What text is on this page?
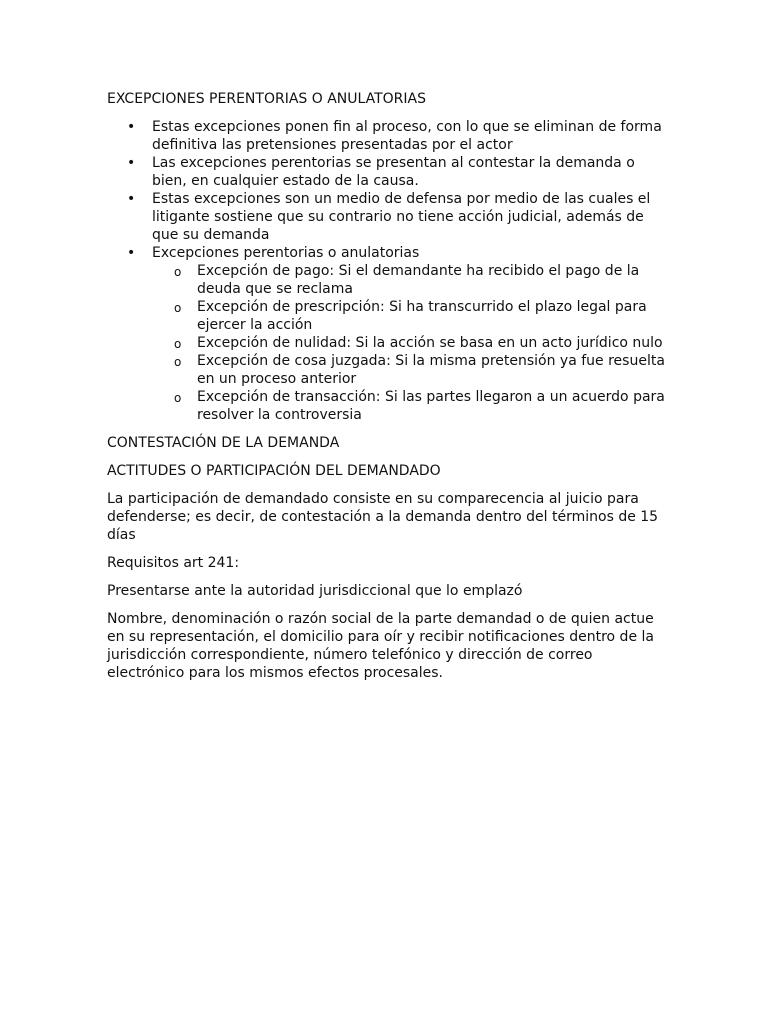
EXCEPCIONES PERENTORIAS O ANULATORIAS

• Estas excepciones ponen fin al proceso, con lo que se eliminan de forma definitiva las pretensiones presentadas por el actor
• Las excepciones perentorias se presentan al contestar la demanda o bien, en cualquier estado de la causa.
• Estas excepciones son un medio de defensa por medio de las cuales el litigante sostiene que su contrario no tiene acción judicial, además de que su demanda
• Excepciones perentorias o anulatorias
o Excepción de pago: Si el demandante ha recibido el pago de la deuda que se reclama
o Excepción de prescripción: Si ha transcurrido el plazo legal para ejercer la acción
o Excepción de nulidad: Si la acción se basa en un acto jurídico nulo
o Excepción de cosa juzgada: Si la misma pretensión ya fue resuelta en un proceso anterior
o Excepción de transacción: Si las partes llegaron a un acuerdo para resolver la controversia

CONTESTACIÓN DE LA DEMANDA

ACTITUDES O PARTICIPACIÓN DEL DEMANDADO

La participación de demandado consiste en su comparecencia al juicio para defenderse; es decir, de contestación a la demanda dentro del términos de 15 días

Requisitos art 241:

Presentarse ante la autoridad jurisdiccional que lo emplazó

Nombre, denominación o razón social de la parte demandad o de quien actue en su representación, el domicilio para oír y recibir notificaciones dentro de la jurisdicción correspondiente, número telefónico y dirección de correo electrónico para los mismos efectos procesales.
